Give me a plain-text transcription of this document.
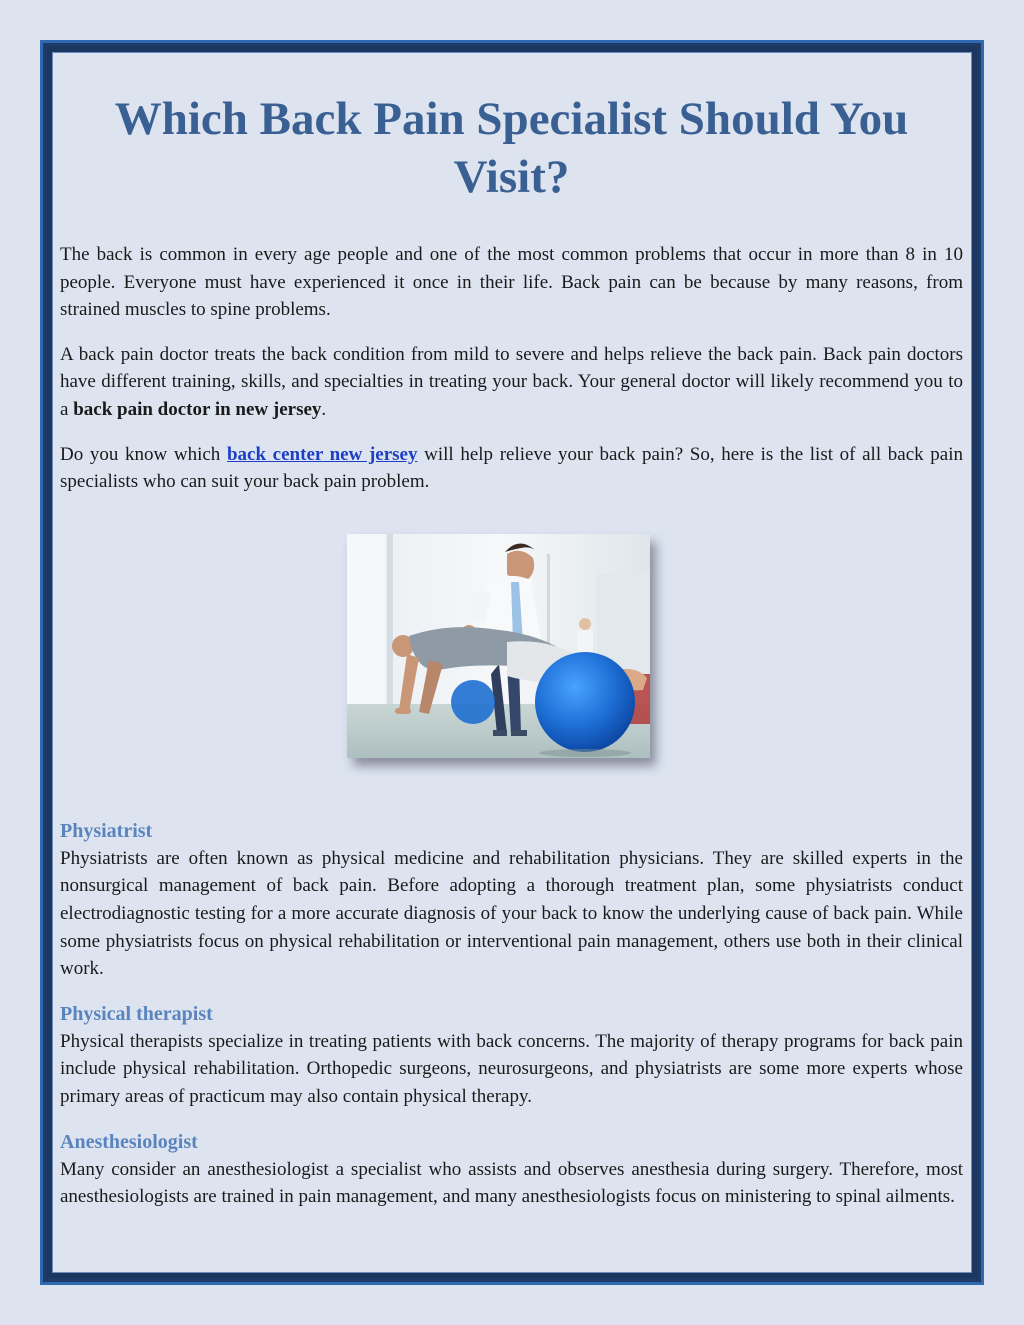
Which Back Pain Specialist Should You Visit?

The back is common in every age people and one of the most common problems that occur in more than 8 in 10 people. Everyone must have experienced it once in their life. Back pain can be because by many reasons, from strained muscles to spine problems.

A back pain doctor treats the back condition from mild to severe and helps relieve the back pain. Back pain doctors have different training, skills, and specialties in treating your back. Your general doctor will likely recommend you to a back pain doctor in new jersey.

Do you know which back center new jersey will help relieve your back pain? So, here is the list of all back pain specialists who can suit your back pain problem.

Physiatrist

Physiatrists are often known as physical medicine and rehabilitation physicians. They are skilled experts in the nonsurgical management of back pain. Before adopting a thorough treatment plan, some physiatrists conduct electrodiagnostic testing for a more accurate diagnosis of your back to know the underlying cause of back pain. While some physiatrists focus on physical rehabilitation or interventional pain management, others use both in their clinical work.

Physical therapist

Physical therapists specialize in treating patients with back concerns. The majority of therapy programs for back pain include physical rehabilitation. Orthopedic surgeons, neurosurgeons, and physiatrists are some more experts whose primary areas of practicum may also contain physical therapy.

Anesthesiologist

Many consider an anesthesiologist a specialist who assists and observes anesthesia during surgery. Therefore, most anesthesiologists are trained in pain management, and many anesthesiologists focus on ministering to spinal ailments.
